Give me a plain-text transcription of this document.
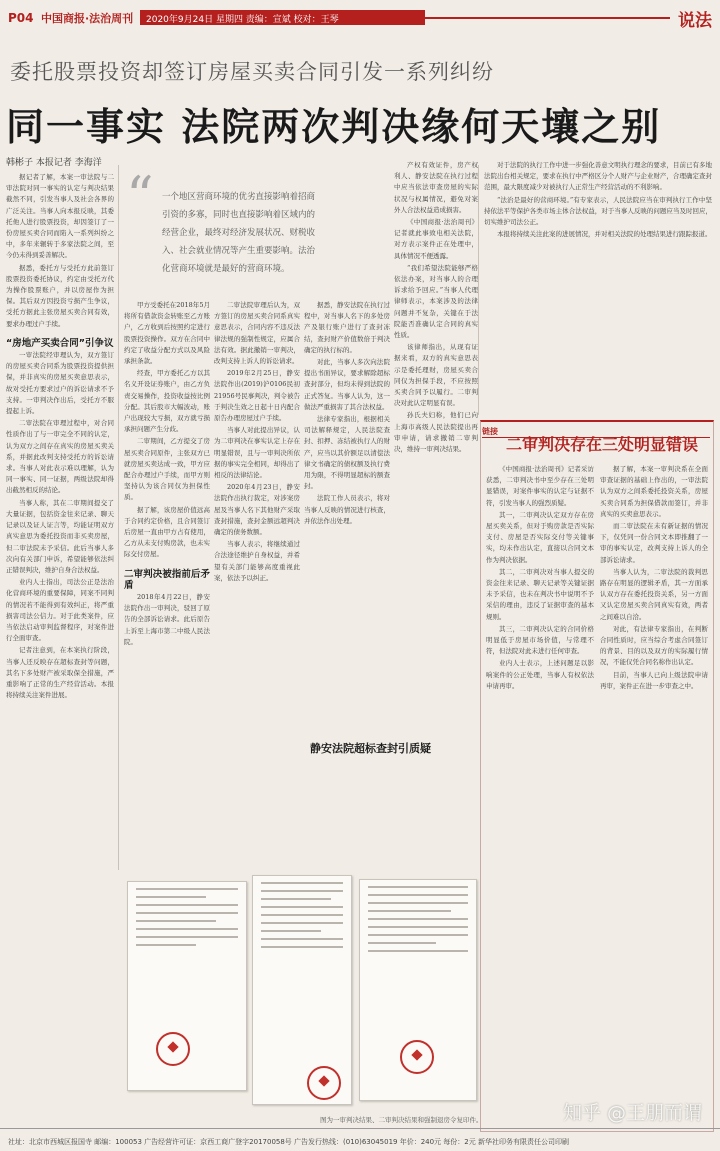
P04 中国商报·法治周刊	2020年9月24日 星期四 责编：宣斌 校对：王琴	说法
委托股票投资却签订房屋买卖合同引发一系列纠纷
同一事实 法院两次判决缘何天壤之别
韩彬子 本报记者 李海洋

据记者了解，本案一审法院与二审法院对同一事实的认定与判决结果截然不同，引发当事人及社会各界的广泛关注。当事人向本报反映，其委托他人进行股票投资，却因签订了一份房屋买卖合同而陷入一系列纠纷之中，多年来辗转于多家法院之间，至今仍未得到妥善解决。

据悉，委托方与受托方此前签订股票投资委托协议，约定由受托方代为操作股票账户，并以房屋作为担保。其后双方因投资亏损产生争议，受托方据此主张房屋买卖合同有效，要求办理过户手续。

“房地产买卖合同”引争议

一审法院经审理认为，双方签订的房屋买卖合同系为股票投资提供担保，并非真实的房屋买卖意思表示，故对受托方要求过户的诉讼请求不予支持。一审判决作出后，受托方不服提起上诉。

二审法院在审理过程中，对合同性质作出了与一审完全不同的认定，认为双方之间存在真实的房屋买卖关系，并据此改判支持受托方的诉讼请求。当事人对此表示难以理解，认为同一事实、同一证据，两级法院却得出截然相反的结论。

当事人称，其在二审期间提交了大量证据，包括资金往来记录、聊天记录以及证人证言等，均能证明双方真实意思为委托投资而非买卖房屋，但二审法院未予采信。此后当事人多次向有关部门申诉，希望能够依法纠正错误判决，维护自身合法权益。

业内人士指出，司法公正是法治化营商环境的重要保障，同案不同判的情况若不能得到有效纠正，将严重损害司法公信力。对于此类案件，应当依法启动审判监督程序，对案件进行全面审查。

记者注意到，在本案执行阶段，当事人还反映存在超标查封等问题，其名下多处财产被采取保全措施，严重影响了正常的生产经营活动。本报将持续关注案件进展。

“ 一个地区营商环境的优劣直接影响着招商引资的多寡，同时也直接影响着区域内的经营企业，最终对经济发展状况、财税收入、社会就业情况等产生重要影响。法治化营商环境就是最好的营商环境。

甲方受委托在2018年5月将所有借款资金转账至乙方账户，乙方收到后按照约定进行股票投资操作。双方在合同中约定了收益分配方式以及风险承担条款。

经查，甲方委托乙方以其名义开设证券账户，由乙方负责交易操作，投资收益按比例分配。其后股市大幅波动，账户出现较大亏损，双方就亏损承担问题产生分歧。

二审期间，乙方提交了房屋买卖合同原件，主张双方已就房屋买卖达成一致，甲方应配合办理过户手续，而甲方则坚持认为该合同仅为担保性质。

据了解，该房屋价值远高于合同约定价格，且合同签订后房屋一直由甲方占有使用，乙方从未支付购房款，也未实际交付房屋。

二审判决被指前后矛盾

2018年4月22日，静安法院作出一审判决，驳回了原告的全部诉讼请求。此后原告上诉至上海市第二中级人民法院。

二审法院审理后认为，双方签订的房屋买卖合同系真实意思表示，合同内容不违反法律法规的强制性规定，应属合法有效。据此撤销一审判决，改判支持上诉人的诉讼请求。

2019年2月25日，静安法院作出(2019)沪0106民初21956号民事判决，判令被告于判决生效之日起十日内配合原告办理房屋过户手续。

当事人对此提出异议，认为二审判决在事实认定上存在明显错误，且与一审判决所依据的事实完全相同，却得出了相反的法律结论。

2020年4月23日，静安法院作出执行裁定，对涉案房屋及当事人名下其他财产采取查封措施，查封金额远超判决确定的债务数额。

当事人表示，将继续通过合法途径维护自身权益，并希望有关部门能够高度重视此案，依法予以纠正。

据悉，静安法院在执行过程中，对当事人名下的多处房产及银行账户进行了查封冻结，查封财产价值数倍于判决确定的执行标的。

对此，当事人多次向法院提出书面异议，要求解除超标查封部分，但均未得到法院的正式答复。当事人认为，这一做法严重损害了其合法权益。

法律专家指出，根据相关司法解释规定，人民法院查封、扣押、冻结被执行人的财产，应当以其价额足以清偿法律文书确定的债权额及执行费用为限，不得明显超标的额查封。

法院工作人员表示，将对当事人反映的情况进行核查，并依法作出处理。

静安法院超标查封引质疑

产权有效证件，房产权利人、静安法院在执行过程中应当依法审查房屋的实际状况与权属情况，避免对案外人合法权益造成损害。

《中国商报·法治周刊》记者就此事致电相关法院，对方表示案件正在处理中，具体情况不便透露。

“我们希望法院能够严格依法办案，对当事人的合理诉求给予回应。”当事人代理律师表示，本案涉及的法律问题并不复杂，关键在于法院能否准确认定合同的真实性质。

该律师指出，从现有证据来看，双方的真实意思表示是委托理财，房屋买卖合同仅为担保手段，不应按照买卖合同予以履行。二审判决对此认定明显有误。

孙氏夫妇称，他们已向上海市高级人民法院提出再审申请，请求撤销二审判决，维持一审判决结果。

对于法院的执行工作中进一步强化善意文明执行理念的要求，目前已有多地法院出台相关规定，要求在执行中严格区分个人财产与企业财产，合理确定查封范围，最大限度减少对被执行人正常生产经营活动的不利影响。

“法治是最好的营商环境。”有专家表示，人民法院应当在审判执行工作中坚持依法平等保护各类市场主体合法权益，对于当事人反映的问题应当及时回应，切实维护司法公正。

本报将持续关注此案的进展情况，并对相关法院的处理结果进行跟踪报道。

链接
二审判决存在三处明显错误

《中国商报·法治周刊》记者采访获悉，二审判决书中至少存在三处明显错误，对案件事实的认定与证据不符，引发当事人的强烈质疑。

其一，二审判决认定双方存在房屋买卖关系，但对于购房款是否实际支付、房屋是否实际交付等关键事实，均未作出认定，直接以合同文本作为判决依据。

其二，二审判决对当事人提交的资金往来记录、聊天记录等关键证据未予采信，也未在判决书中说明不予采信的理由，违反了证据审查的基本规则。

其三，二审判决认定的合同价格明显低于房屋市场价值，与常理不符，但法院对此未进行任何审查。

业内人士表示，上述问题足以影响案件的公正处理，当事人有权依法申请再审。

据了解，本案一审判决系在全面审查证据的基础上作出的，一审法院认为双方之间系委托投资关系，房屋买卖合同系为担保借款而签订，并非真实的买卖意思表示。

而二审法院在未有新证据的情况下，仅凭同一份合同文本即推翻了一审的事实认定，改判支持上诉人的全部诉讼请求。

当事人认为，二审法院的裁判思路存在明显的逻辑矛盾，其一方面承认双方存在委托投资关系，另一方面又认定房屋买卖合同真实有效，两者之间难以自洽。

对此，有法律专家指出，在判断合同性质时，应当综合考虑合同签订的背景、目的以及双方的实际履行情况，不能仅凭合同名称作出认定。

目前，当事人已向上级法院申请再审，案件正在进一步审查之中。

图为一审判决结果、二审判决结果和强制退房令复印件。	知乎 @王朋而谓
社址：北京市西城区报国寺 邮编：100053 广告经营许可证：京西工商广登字20170058号 广告发行热线：(010)63045019 年价：240元 每份：2元 新华社印务有限责任公司印刷
